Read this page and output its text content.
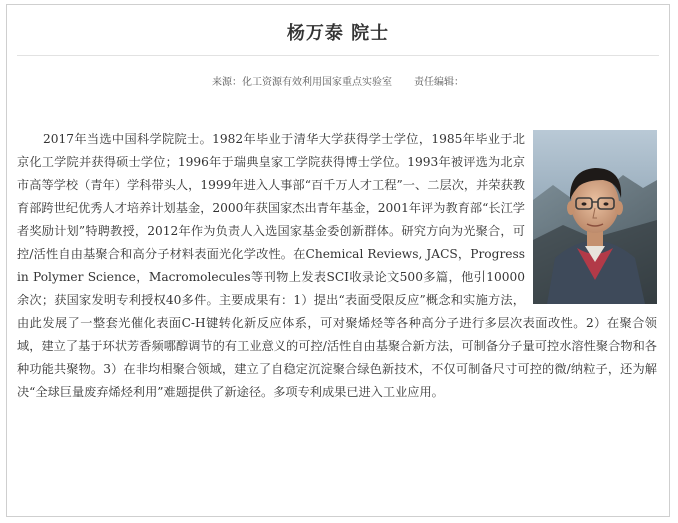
杨万泰 院士
来源：化工资源有效利用国家重点实验室 责任编辑：

2017年当选中国科学院院士。1982年毕业于清华大学获得学士学位，1985年毕业于北京化工学院并获得硕士学位；1996年于瑞典皇家工学院获得博士学位。1993年被评选为北京市高等学校（青年）学科带头人，1999年进入人事部“百千万人才工程”一、二层次，并荣获教育部跨世纪优秀人才培养计划基金，2000年获国家杰出青年基金，2001年评为教育部“长江学者奖励计划”特聘教授，2012年作为负责人入选国家基金委创新群体。研究方向为光聚合，可控/活性自由基聚合和高分子材料表面光化学改性。在Chemical Reviews, JACS，Progress in Polymer Science，Macromolecules等刊物上发表SCI收录论文500多篇，他引10000余次；获国家发明专利授权40多件。主要成果有：1）提出“表面受限反应”概念和实施方法，由此发展了一整套光催化表面C-H键转化新反应体系，可对聚烯烃等各种高分子进行多层次表面改性。2）在聚合领域，建立了基于环状芳香频哪醇调节的有工业意义的可控/活性自由基聚合新方法，可制备分子量可控水溶性聚合物和各种功能共聚物。3）在非均相聚合领域，建立了自稳定沉淀聚合绿色新技术，不仅可制备尺寸可控的微/纳粒子，还为解决“全球巨量废弃烯烃利用”难题提供了新途径。多项专利成果已进入工业应用。
